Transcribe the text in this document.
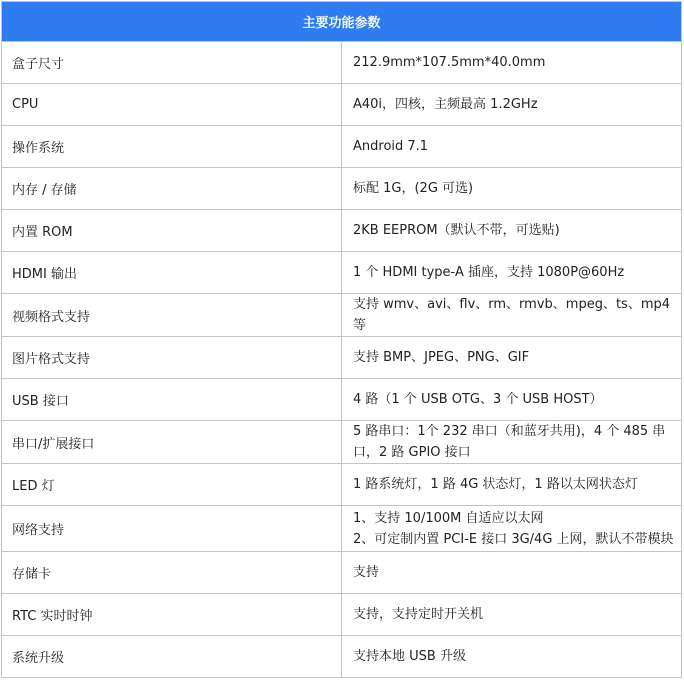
主要功能参数	
盒子尺寸	212.9mm*107.5mm*40.0mm

CPU	A40i，四核，主频最高 1.2GHz

操作系统	Android 7.1

内存 / 存储	标配 1G，(2G 可选)

内置 ROM	2KB EEPROM（默认不带，可选贴)

HDMI 输出	1 个 HDMI type-A 插座，支持 1080P@60Hz

视频格式支持	支持 wmv、avi、flv、rm、rmvb、mpeg、ts、mp4 等

图片格式支持	支持 BMP、JPEG、PNG、GIF

USB 接口	4 路（1 个 USB OTG、3 个 USB HOST）

串口/扩展接口	5 路串口：1个 232 串口（和蓝牙共用)，4 个 485 串口，2 路 GPIO 接口

LED 灯	1 路系统灯，1 路 4G 状态灯，1 路以太网状态灯

网络支持	1、支持 10/100M 自适应以太网
2、可定制内置 PCI-E 接口 3G/4G 上网，默认不带模块

存储卡	支持

RTC 实时时钟	支持，支持定时开关机

系统升级	支持本地 USB 升级
